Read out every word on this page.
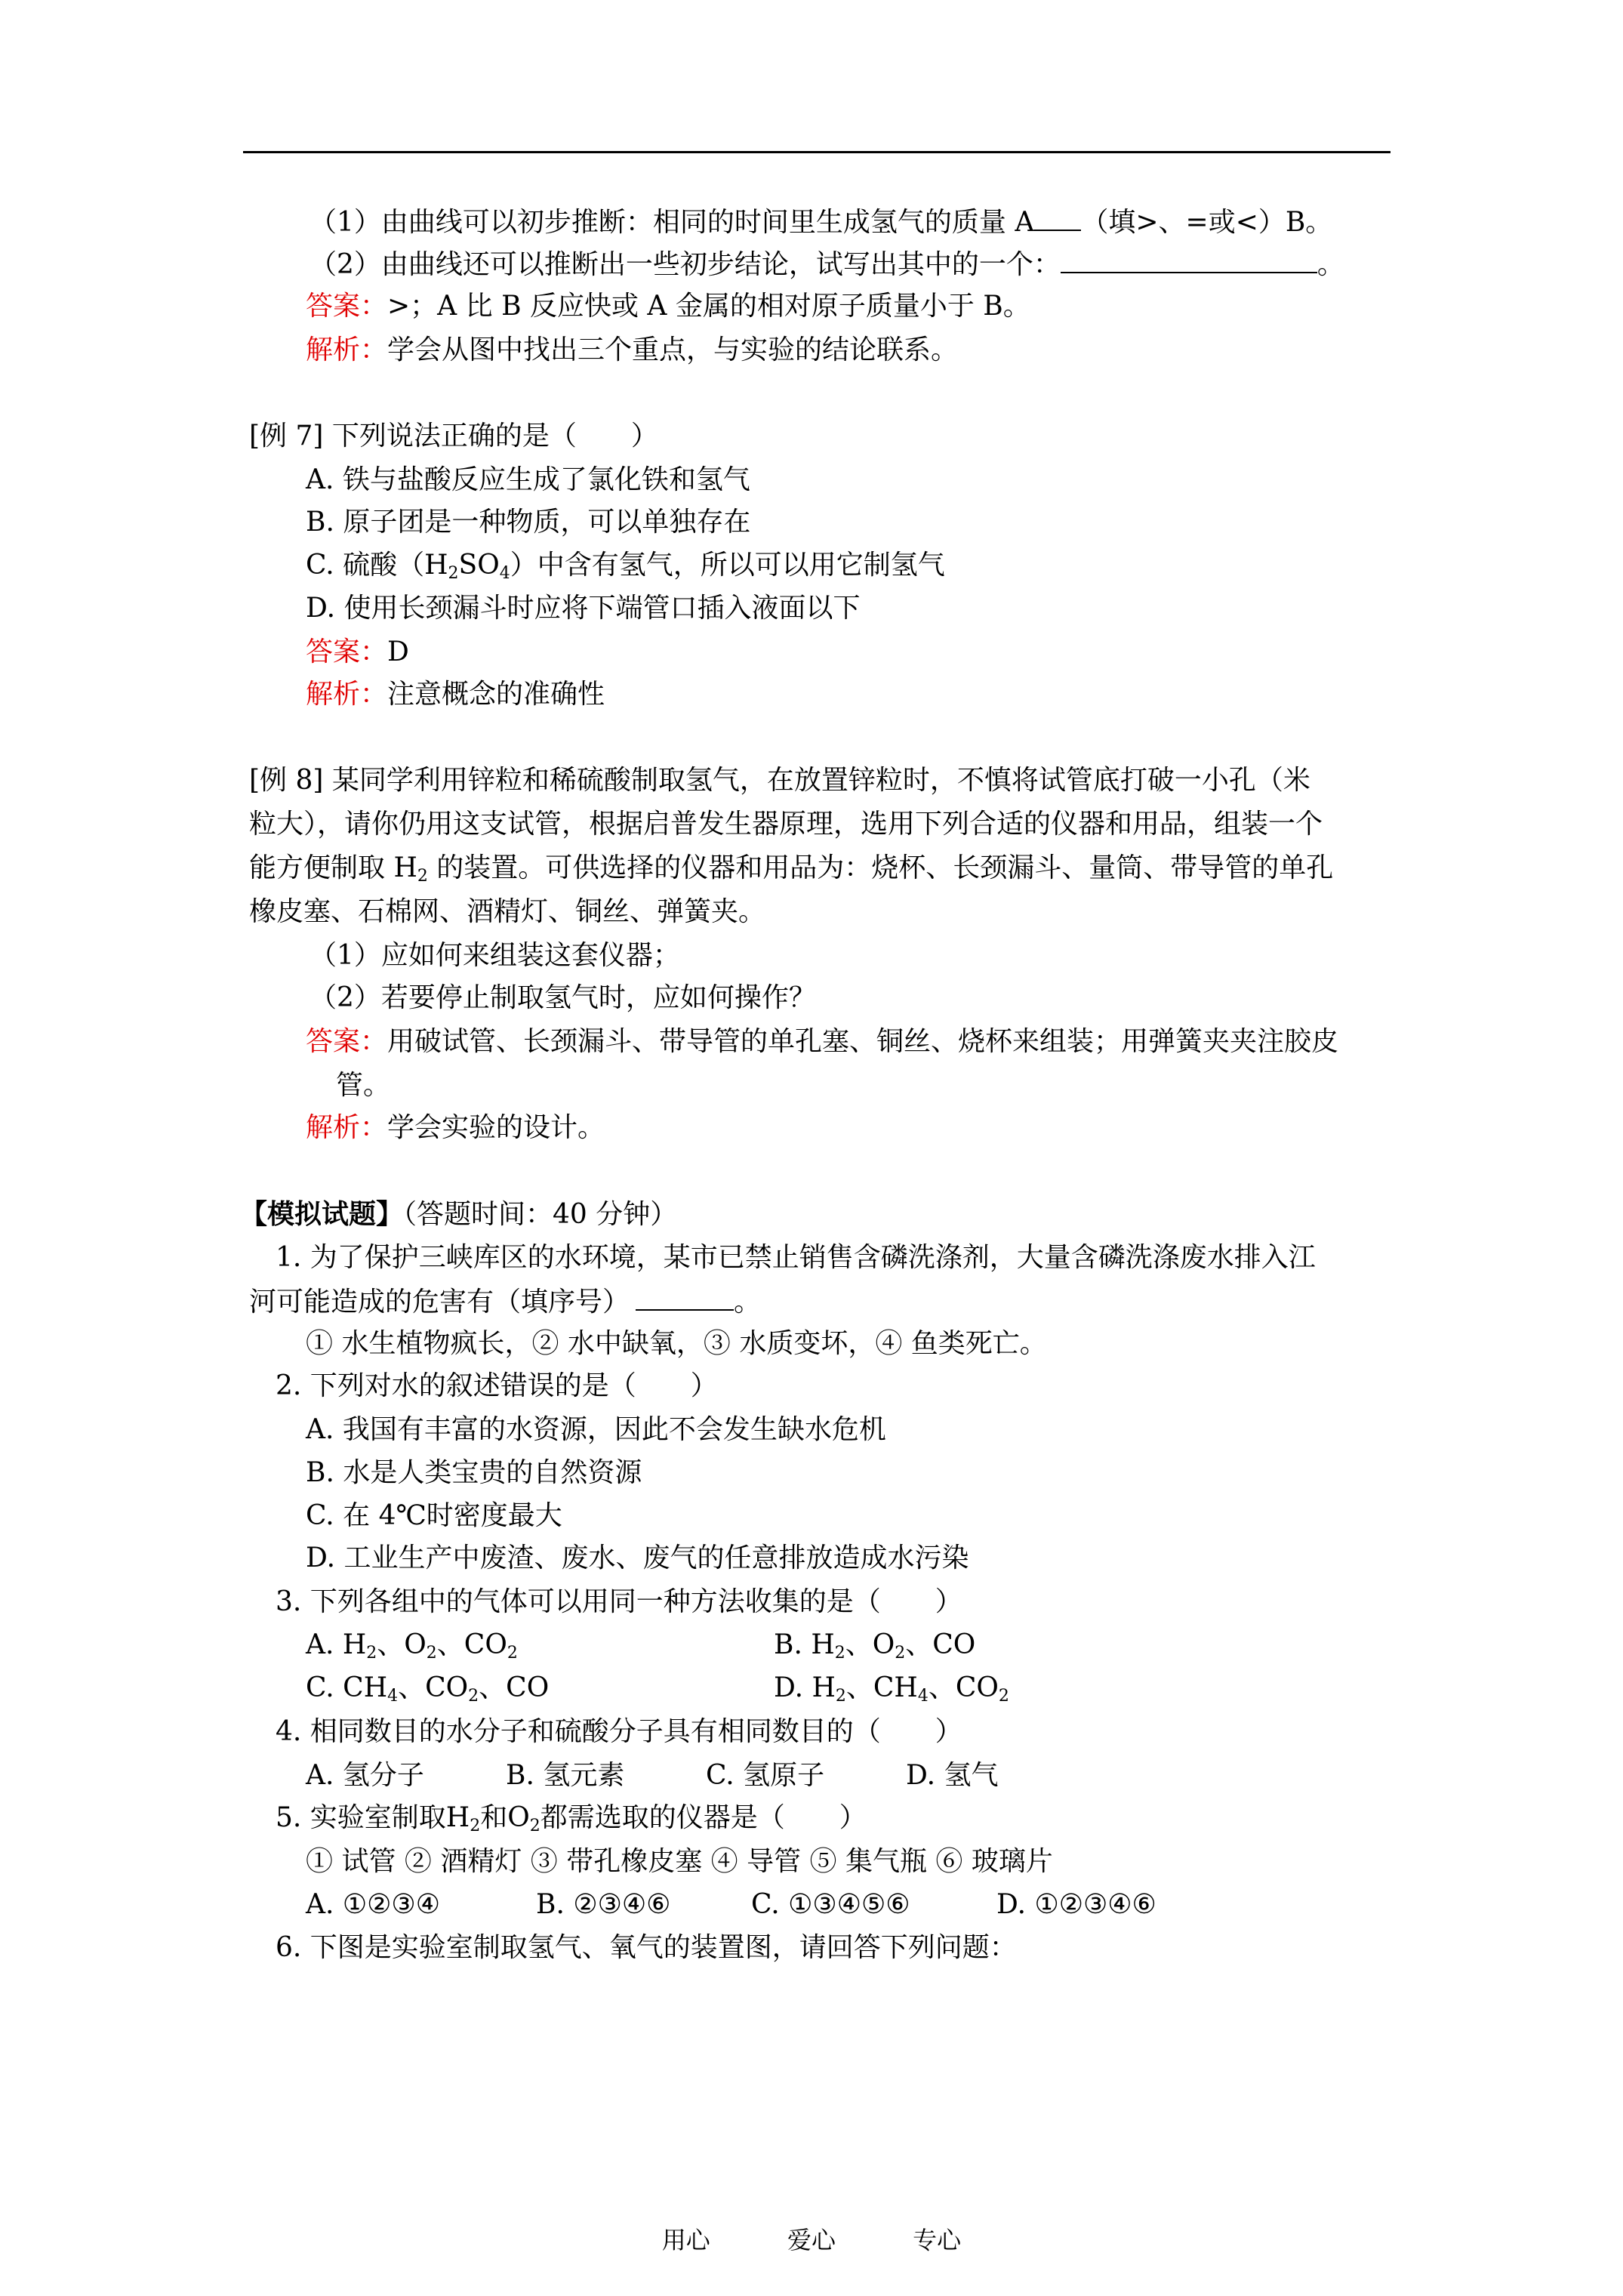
（1）由曲线可以初步推断：相同的时间里生成氢气的质量 A （填>、=或<）B。
（2）由曲线还可以推断出一些初步结论，试写出其中的一个：	。
答案：>；A 比 B 反应快或 A 金属的相对原子质量小于 B。
解析：学会从图中找出三个重点，与实验的结论联系。
[例 7] 下列说法正确的是（　　）
A. 铁与盐酸反应生成了氯化铁和氢气
B. 原子团是一种物质，可以单独存在
C. 硫酸$(H_2SO_4)$中含有氢气，所以可以用它制氢气
D. 使用长颈漏斗时应将下端管口插入液面以下
答案：D
解析：注意概念的准确性
[例 8] 某同学利用锌粒和稀硫酸制取氢气，在放置锌粒时，不慎将试管底打破一小孔（米
粒大），请你仍用这支试管，根据启普发生器原理，选用下列合适的仪器和用品，组装一个
能方便制取 $H_2$ 的装置。可供选择的仪器和用品为：烧杯、长颈漏斗、量筒、带导管的单孔
橡皮塞、石棉网、酒精灯、铜丝、弹簧夹。
（1）应如何来组装这套仪器；
（2）若要停止制取氢气时，应如何操作？
答案：用破试管、长颈漏斗、带导管的单孔塞、铜丝、烧杯来组装；用弹簧夹夹注胶皮
管。
解析：学会实验的设计。
【模拟试题】（答题时间：40 分钟）
1. 为了保护三峡库区的水环境，某市已禁止销售含磷洗涤剂，大量含磷洗涤废水排入江
河可能造成的危害有（填序号）	。
① 水生植物疯长，② 水中缺氧，③ 水质变坏，④ 鱼类死亡。
2. 下列对水的叙述错误的是（　　）
A. 我国有丰富的水资源，因此不会发生缺水危机
B. 水是人类宝贵的自然资源
C. 在 4℃时密度最大
D. 工业生产中废渣、废水、废气的任意排放造成水污染
3. 下列各组中的气体可以用同一种方法收集的是（　　）
A. $H_2$、$O_2$、$CO_2$	B. $H_2$、$O_2$、CO
C. $CH_4$、$CO_2$、CO	D. $H_2$、$CH_4$、$CO_2$
4. 相同数目的水分子和硫酸分子具有相同数目的（　　）
A. 氢分子	B. 氢元素	C. 氢原子	D. 氢气
5. 实验室制取$H_2$和$O_2$都需选取的仪器是（　　）
① 试管 ② 酒精灯 ③ 带孔橡皮塞 ④ 导管 ⑤ 集气瓶 ⑥ 玻璃片
A. ①②③④	B. ②③④⑥	C. ①③④⑤⑥	D. ①②③④⑥
6. 下图是实验室制取氢气、氧气的装置图，请回答下列问题：
用心	爱心	专心
